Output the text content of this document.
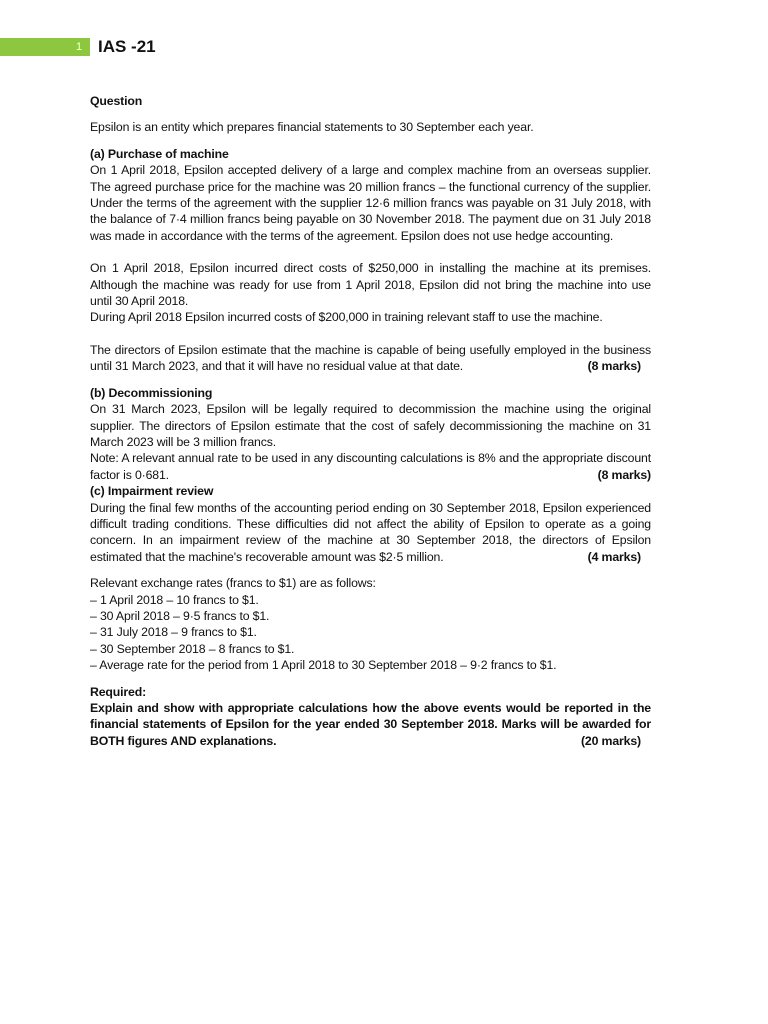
1 IAS -21

Question

Epsilon is an entity which prepares financial statements to 30 September each year.

(a) Purchase of machine

On 1 April 2018, Epsilon accepted delivery of a large and complex machine from an overseas supplier. The agreed purchase price for the machine was 20 million francs – the functional currency of the supplier. Under the terms of the agreement with the supplier 12·6 million francs was payable on 31 July 2018, with the balance of 7·4 million francs being payable on 30 November 2018. The payment due on 31 July 2018 was made in accordance with the terms of the agreement. Epsilon does not use hedge accounting.

On 1 April 2018, Epsilon incurred direct costs of $250,000 in installing the machine at its premises. Although the machine was ready for use from 1 April 2018, Epsilon did not bring the machine into use until 30 April 2018.

During April 2018 Epsilon incurred costs of $200,000 in training relevant staff to use the machine.

The directors of Epsilon estimate that the machine is capable of being usefully employed in the business until 31 March 2023, and that it will have no residual value at that date.	(8 marks)

(b) Decommissioning

On 31 March 2023, Epsilon will be legally required to decommission the machine using the original supplier. The directors of Epsilon estimate that the cost of safely decommissioning the machine on 31 March 2023 will be 3 million francs.

Note: A relevant annual rate to be used in any discounting calculations is 8% and the appropriate discount factor is 0·681.	(8 marks)

(c) Impairment review

During the final few months of the accounting period ending on 30 September 2018, Epsilon experienced difficult trading conditions. These difficulties did not affect the ability of Epsilon to operate as a going concern. In an impairment review of the machine at 30 September 2018, the directors of Epsilon estimated that the machine's recoverable amount was $2·5 million.	(4 marks)

Relevant exchange rates (francs to $1) are as follows:

– 1 April 2018 – 10 francs to $1.
– 30 April 2018 – 9·5 francs to $1.
– 31 July 2018 – 9 francs to $1.
– 30 September 2018 – 8 francs to $1.
– Average rate for the period from 1 April 2018 to 30 September 2018 – 9·2 francs to $1.

Required:

Explain and show with appropriate calculations how the above events would be reported in the financial statements of Epsilon for the year ended 30 September 2018. Marks will be awarded for BOTH figures AND explanations.	(20 marks)
